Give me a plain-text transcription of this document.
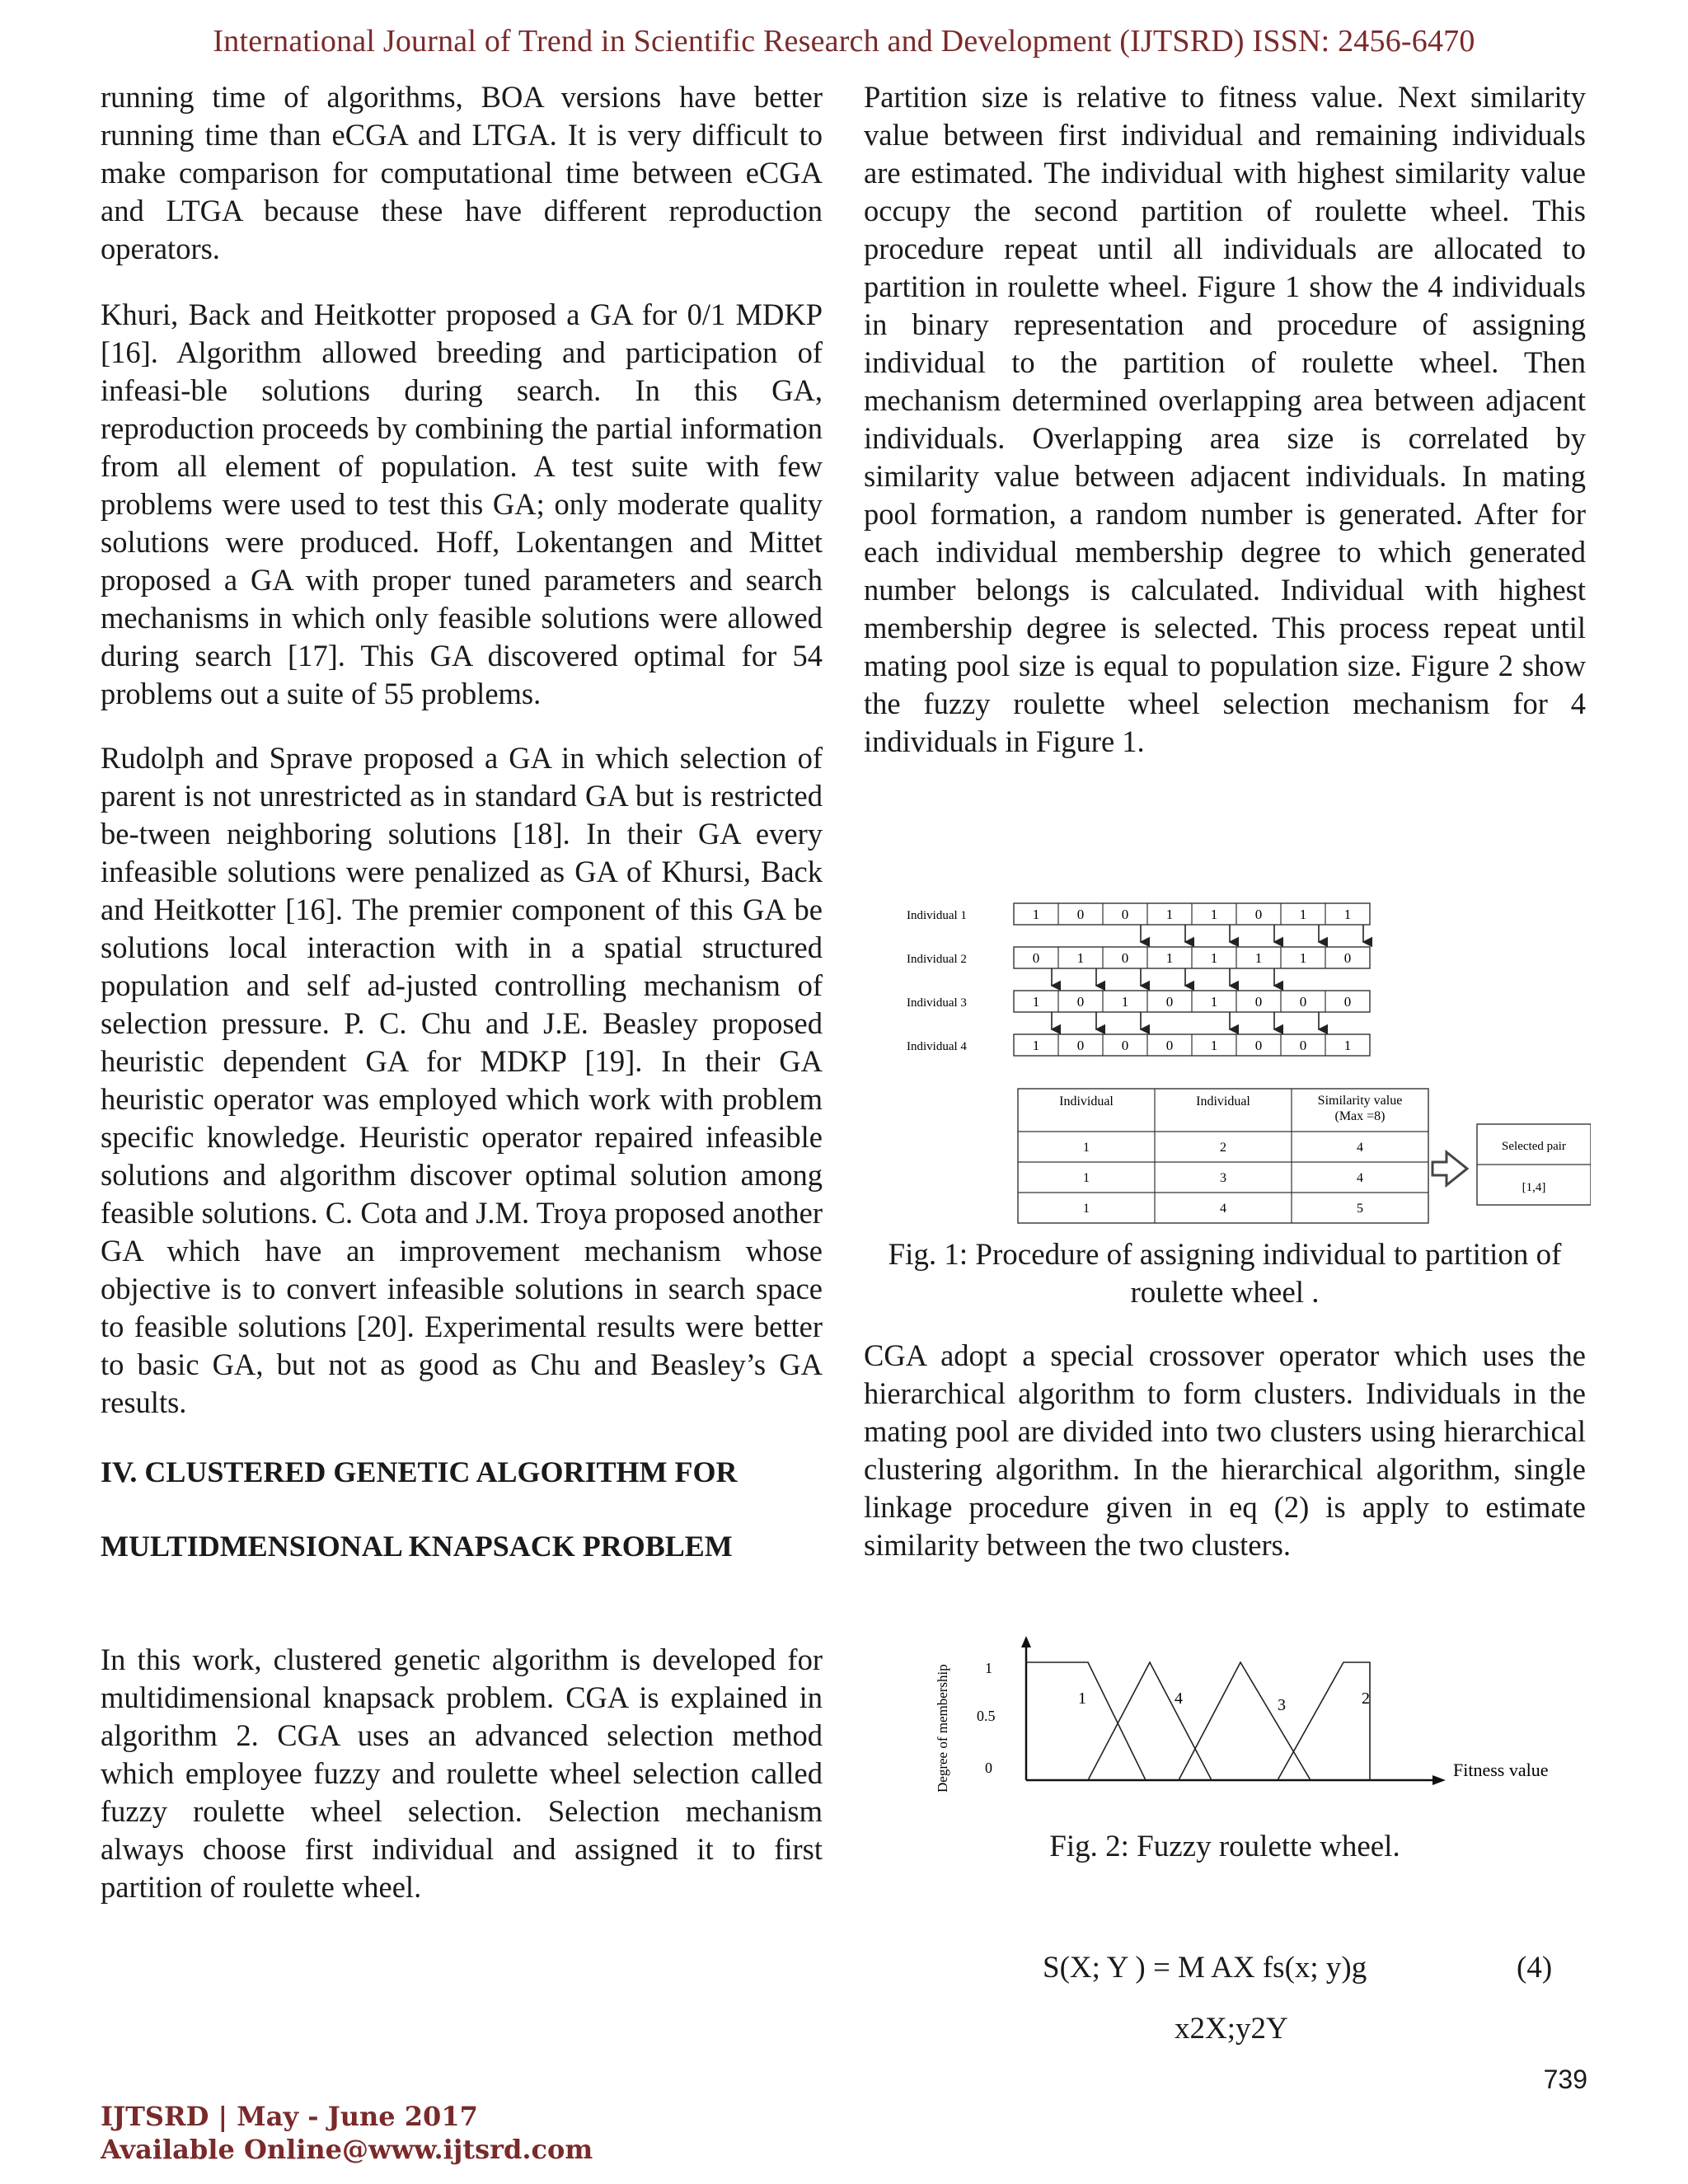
International Journal of Trend in Scientific Research and Development (IJTSRD) ISSN: 2456-6470

running time of algorithms, BOA versions have better running time than eCGA and LTGA. It is very difficult to make comparison for computational time between eCGA and LTGA because these have different reproduction operators.

Khuri, Back and Heitkotter proposed a GA for 0/1 MDKP [16]. Algorithm allowed breeding and participation of infeasi-ble solutions during search. In this GA, reproduction proceeds by combining the partial information from all element of population. A test suite with few problems were used to test this GA; only moderate quality solutions were produced. Hoff, Lokentangen and Mittet proposed a GA with proper tuned parameters and search mechanisms in which only feasible solutions were allowed during search [17]. This GA discovered optimal for 54 problems out a suite of 55 problems.

Rudolph and Sprave proposed a GA in which selection of parent is not unrestricted as in standard GA but is restricted be-tween neighboring solutions [18]. In their GA every infeasible solutions were penalized as GA of Khursi, Back and Heitkotter [16]. The premier component of this GA be solutions local interaction with in a spatial structured population and self ad-justed controlling mechanism of selection pressure. P. C. Chu and J.E. Beasley proposed heuristic dependent GA for MDKP [19]. In their GA heuristic operator was employed which work with problem specific knowledge. Heuristic operator repaired infeasible solutions and algorithm discover optimal solution among feasible solutions. C. Cota and J.M. Troya proposed another GA which have an improvement mechanism whose objective is to convert infeasible solutions in search space to feasible solutions [20]. Experimental results were better to basic GA, but not as good as Chu and Beasley’s GA results.

IV. CLUSTERED GENETIC ALGORITHM FOR
MULTIDMENSIONAL KNAPSACK PROBLEM

In this work, clustered genetic algorithm is developed for multidimensional knapsack problem. CGA is explained in algorithm 2. CGA uses an advanced selection method which employee fuzzy and roulette wheel selection called fuzzy roulette wheel selection. Selection mechanism always choose first individual and assigned it to first partition of roulette wheel.

Partition size is relative to fitness value. Next similarity value between first individual and remaining individuals are estimated. The individual with highest similarity value occupy the second partition of roulette wheel. This procedure repeat until all individuals are allocated to partition in roulette wheel. Figure 1 show the 4 individuals in binary representation and procedure of assigning individual to the partition of roulette wheel. Then mechanism determined overlapping area between adjacent individuals. Overlapping area size is correlated by similarity value between adjacent individuals. In mating pool formation, a random number is generated. After for each individual membership degree to which generated number belongs is calculated. Individual with highest membership degree is selected. This process repeat until mating pool size is equal to population size. Figure 2 show the fuzzy roulette wheel selection mechanism for 4 individuals in Figure 1.

CGA adopt a special crossover operator which uses the hierarchical algorithm to form clusters. Individuals in the mating pool are divided into two clusters using hierarchical clustering algorithm. In the hierarchical algorithm, single linkage procedure given in eq (2) is apply to estimate similarity between the two clusters.

Individual 1	1	0	0	1	1	0	1	1
Individual 2	0	1	0	1	1	1	1	0
Individual 3	1	0	1	0	1	0	0	0
Individual 4	1	0	0	0	1	0	0	1
Individual	Individual	Similarity value
(Max =8)
1	2	4
1	3	4
1	4	5
Selected pair
[1,4]
Fig. 1: Procedure of assigning individual to partition of roulette wheel .
Degree of membership 1
0.5
0	Fitness value
1	4	3	2
Fig. 2: Fuzzy roulette wheel.
S(X; Y ) = M AX fs(x; y)g	(4)
x2X;y2Y
739
IJTSRD | May - June 2017
Available Online@www.ijtsrd.com
